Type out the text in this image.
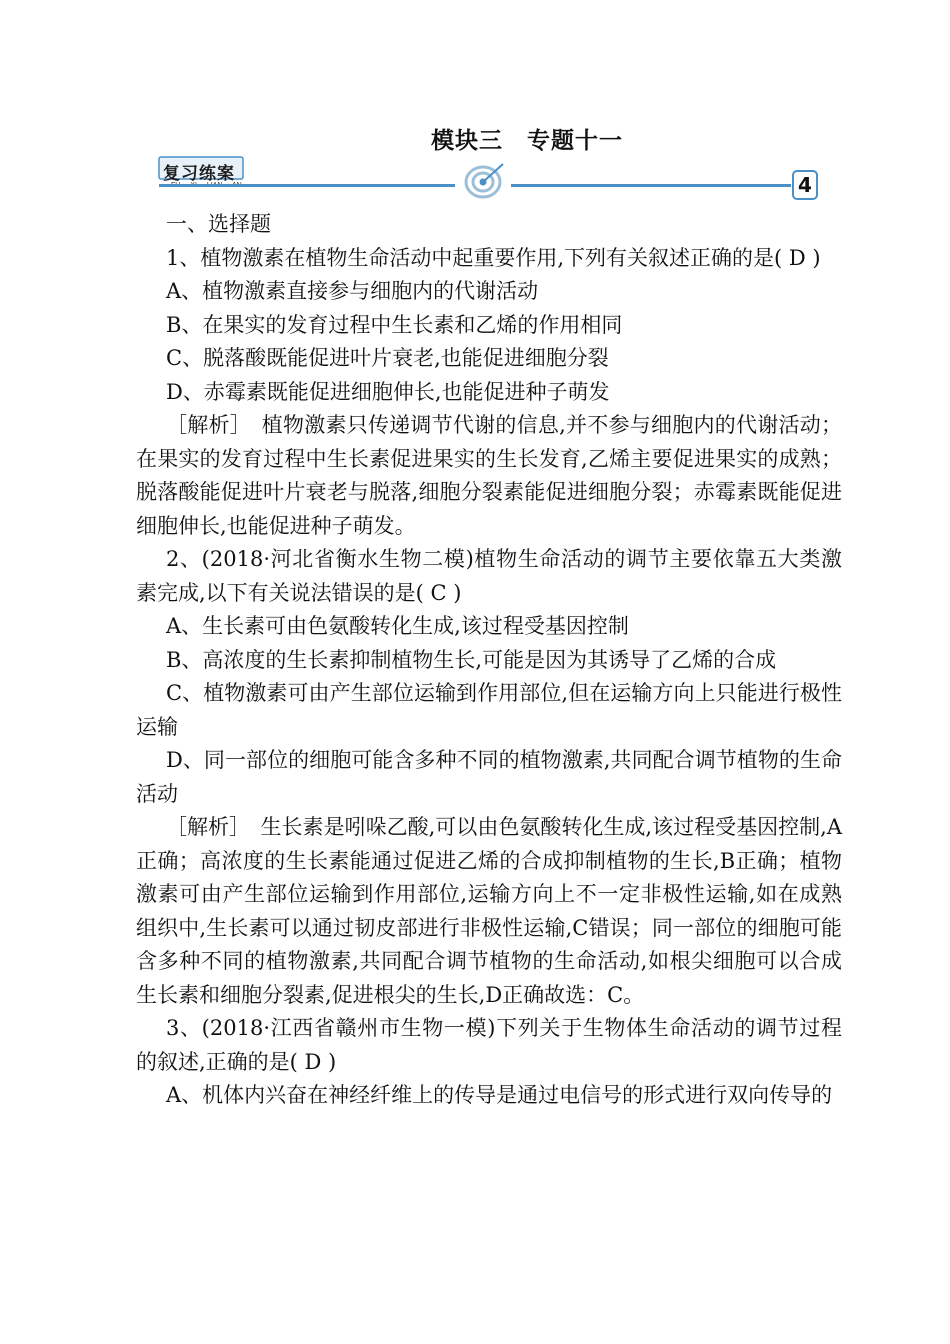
模块三　专题十一
复习练案	4

一、选择题

1、植物激素在植物生命活动中起重要作用,下列有关叙述正确的是( D )

A、植物激素直接参与细胞内的代谢活动

B、在果实的发育过程中生长素和乙烯的作用相同

C、脱落酸既能促进叶片衰老,也能促进细胞分裂

D、赤霉素既能促进细胞伸长,也能促进种子萌发

［解析］　植物激素只传递调节代谢的信息,并不参与细胞内的代谢活动；在果实的发育过程中生长素促进果实的生长发育,乙烯主要促进果实的成熟；脱落酸能促进叶片衰老与脱落,细胞分裂素能促进细胞分裂；赤霉素既能促进细胞伸长,也能促进种子萌发。

2、(2018·河北省衡水生物二模)植物生命活动的调节主要依靠五大类激素完成,以下有关说法错误的是( C )

A、生长素可由色氨酸转化生成,该过程受基因控制

B、高浓度的生长素抑制植物生长,可能是因为其诱导了乙烯的合成

C、植物激素可由产生部位运输到作用部位,但在运输方向上只能进行极性运输

D、同一部位的细胞可能含多种不同的植物激素,共同配合调节植物的生命活动

［解析］　生长素是吲哚乙酸,可以由色氨酸转化生成,该过程受基因控制,A正确；高浓度的生长素能通过促进乙烯的合成抑制植物的生长,B正确；植物激素可由产生部位运输到作用部位,运输方向上不一定非极性运输,如在成熟组织中,生长素可以通过韧皮部进行非极性运输,C错误；同一部位的细胞可能含多种不同的植物激素,共同配合调节植物的生命活动,如根尖细胞可以合成生长素和细胞分裂素,促进根尖的生长,D正确故选：C。

3、(2018·江西省赣州市生物一模)下列关于生物体生命活动的调节过程的叙述,正确的是( D )

A、机体内兴奋在神经纤维上的传导是通过电信号的形式进行双向传导的
